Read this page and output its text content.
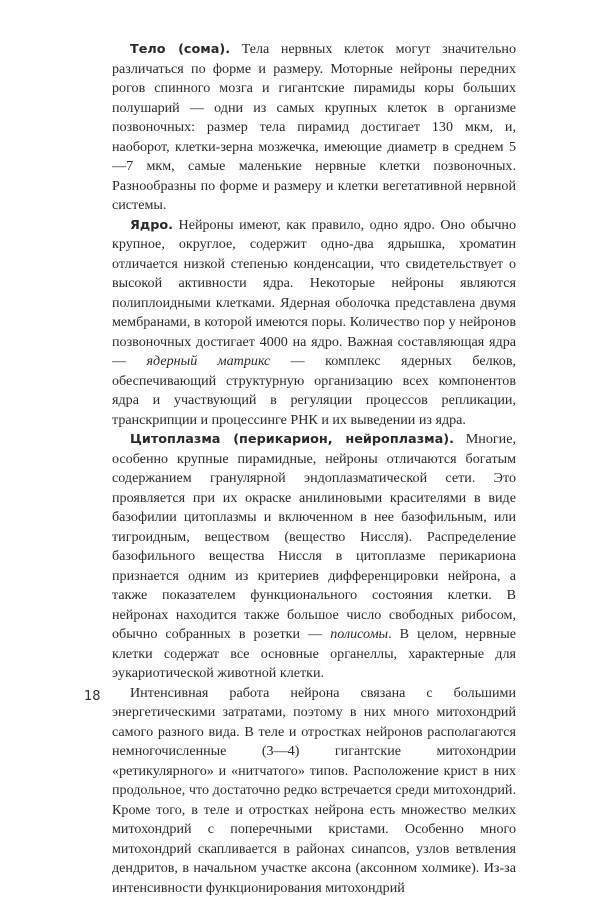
Тело (сома). Тела нервных клеток могут значительно различаться по форме и размеру. Моторные нейроны передних рогов спинного мозга и гигантские пирамиды коры больших полушарий — одни из самых крупных клеток в организме позвоночных: размер тела пирамид достигает 130 мкм, и, наоборот, клетки-зерна мозжечка, имеющие диаметр в среднем 5—7 мкм, самые маленькие нервные клетки позвоночных. Разнообразны по форме и размеру и клетки вегетативной нервной системы.

Ядро. Нейроны имеют, как правило, одно ядро. Оно обычно крупное, округлое, содержит одно-два ядрышка, хроматин отличается низкой степенью конденсации, что свидетельствует о высокой активности ядра. Некоторые нейроны являются полиплоидными клетками. Ядерная оболочка представлена двумя мембранами, в которой имеются поры. Количество пор у нейронов позвоночных достигает 4000 на ядро. Важная составляющая ядра — ядерный матрикс — комплекс ядерных белков, обеспечивающий структурную организацию всех компонентов ядра и участвующий в регуляции процессов репликации, транскрипции и процессинге РНК и их выведении из ядра.

Цитоплазма (перикарион, нейроплазма). Многие, особенно крупные пирамидные, нейроны отличаются богатым содержанием гранулярной эндоплазматической сети. Это проявляется при их окраске анилиновыми красителями в виде базофилии цитоплазмы и включенном в нее базофильным, или тигроидным, веществом (вещество Ниссля). Распределение базофильного вещества Ниссля в цитоплазме перикариона признается одним из критериев дифференцировки нейрона, а также показателем функционального состояния клетки. В нейронах находится также большое число свободных рибосом, обычно собранных в розетки — полисомы. В целом, нервные клетки содержат все основные органеллы, характерные для эукариотической животной клетки.

Интенсивная работа нейрона связана с большими энергетическими затратами, поэтому в них много митохондрий самого разного вида. В теле и отростках нейронов располагаются немногочисленные (3—4) гигантские митохондрии «ретикулярного» и «нитчатого» типов. Расположение крист в них продольное, что достаточно редко встречается среди митохондрий. Кроме того, в теле и отростках нейрона есть множество мелких митохондрий с поперечными кристами. Особенно много митохондрий скапливается в районах синапсов, узлов ветвления дендритов, в начальном участке аксона (аксонном холмике). Из-за интенсивности функционирования митохондрий

18
